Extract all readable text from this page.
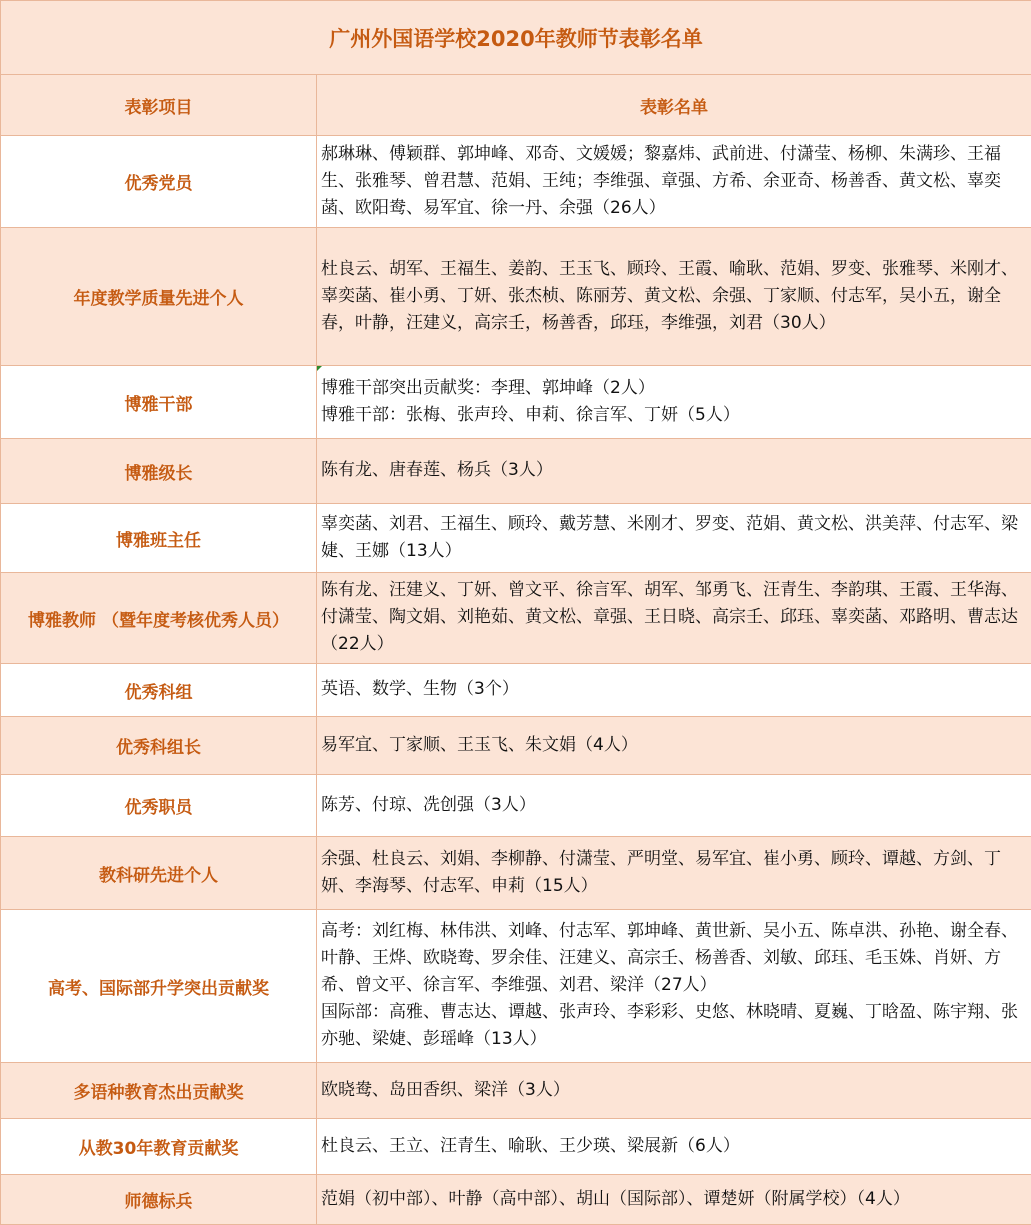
广州外国语学校2020年教师节表彰名单	
表彰项目	表彰名单
优秀党员	郝琳琳、傅颖群、郭坤峰、邓奇、文媛媛；黎嘉炜、武前进、付潇莹、杨柳、朱满珍、王福生、张雅琴、曾君慧、范娟、王纯；李维强、章强、方希、余亚奇、杨善香、黄文松、辜奕菡、欧阳鸯、易军宜、徐一丹、余强（26人）

年度教学质量先进个人	杜良云、胡军、王福生、姜韵、王玉飞、顾玲、王霞、喻耿、范娟、罗变、张雅琴、米刚才、辜奕菡、崔小勇、丁妍、张杰桢、陈丽芳、黄文松、余强、丁家顺、付志军，吴小五，谢全春，叶静，汪建义，高宗壬，杨善香，邱珏，李维强，刘君（30人）

博雅干部	博雅干部突出贡献奖：李理、郭坤峰（2人）
博雅干部：张梅、张声玲、申莉、徐言军、丁妍（5人）

博雅级长	陈有龙、唐春莲、杨兵（3人）

博雅班主任	辜奕菡、刘君、王福生、顾玲、戴芳慧、米刚才、罗变、范娟、黄文松、洪美萍、付志军、梁婕、王娜（13人）

博雅教师 （暨年度考核优秀人员）	陈有龙、汪建义、丁妍、曾文平、徐言军、胡军、邹勇飞、汪青生、李韵琪、王霞、王华海、付潇莹、陶文娟、刘艳茹、黄文松、章强、王日晓、高宗壬、邱珏、辜奕菡、邓路明、曹志达（22人）

优秀科组	英语、数学、生物（3个）

优秀科组长	易军宜、丁家顺、王玉飞、朱文娟（4人）

优秀职员	陈芳、付琼、冼创强（3人）

教科研先进个人	余强、杜良云、刘娟、李柳静、付潇莹、严明堂、易军宜、崔小勇、顾玲、谭越、方剑、丁妍、李海琴、付志军、申莉（15人）

高考、国际部升学突出贡献奖	高考：刘红梅、林伟洪、刘峰、付志军、郭坤峰、黄世新、吴小五、陈卓洪、孙艳、谢全春、叶静、王烨、欧晓鸯、罗余佳、汪建义、高宗壬、杨善香、刘敏、邱珏、毛玉姝、肖妍、方希、曾文平、徐言军、李维强、刘君、梁洋（27人）
国际部：高雅、曹志达、谭越、张声玲、李彩彩、史悠、林晓晴、夏巍、丁晗盈、陈宇翔、张亦驰、梁婕、彭瑶峰（13人）

多语种教育杰出贡献奖	欧晓鸯、岛田香织、梁洋（3人）

从教30年教育贡献奖	杜良云、王立、汪青生、喻耿、王少瑛、梁展新（6人）

师德标兵	范娟（初中部）、叶静（高中部）、胡山（国际部）、谭楚妍（附属学校）（4人）
